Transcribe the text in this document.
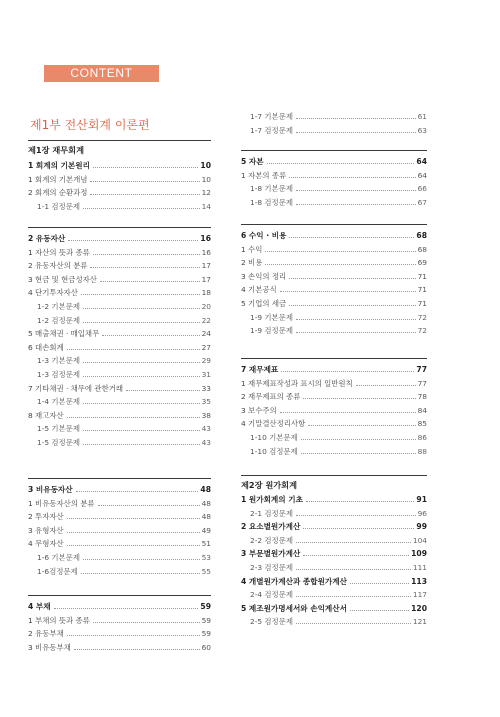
CONTENT
제1부 전산회계 이론편
제1장 재무회계
1 회계의 기본원리	10
1 회계의 기본개념	10
2 회계의 순환과정	12
1-1 검정문제	14
2 유동자산	16
1 자산의 뜻과 종류	16
2 유동자산의 분류	17
3 현금 및 현금성자산	17
4 단기투자자산	18
1-2 기본문제	20
1-2 검정문제	22
5 매출채권 · 매입채무	24
6 대손회계	27
1-3 기본문제	29
1-3 검정문제	31
7 기타채권 · 채무에 관한거래	33
1-4 기본문제	35
8 재고자산	38
1-5 기본문제	43
1-5 검정문제	43
3 비유동자산	48
1 비유동자산의 분류	48
2 투자자산	48
3 유형자산	49
4 무형자산	51
1-6 기본문제	53
1-6검정문제	55
4 부채	59
1 부채의 뜻과 종류	59
2 유동부채	59
3 비유동부채	60
1-7 기본문제	61
1-7 검정문제	63
5 자본	64
1 자본의 종류	64
1-8 기본문제	66
1-8 검정문제	67
6 수익 · 비용	68
1 수익	68
2 비용	69
3 손익의 정리	71
4 기본공식	71
5 기업의 세금	71
1-9 기본문제	72
1-9 검정문제	72
7 재무제표	77
1 재무제표작성과 표시의 일반원칙	77
2 재무제표의 종류	78
3 보수주의	84
4 기말결산정리사항	85
1-10 기본문제	86
1-10 검정문제	88
제2장 원가회계
1 원가회계의 기초	91
2-1 검정문제	96
2 요소별원가계산	99
2-2 검정문제	104
3 부문별원가계산	109
2-3 검정문제	111
4 개별원가계산과 종합원가계산	113
2-4 검정문제	117
5 제조원가명세서와 손익계산서	120
2-5 검정문제	121
